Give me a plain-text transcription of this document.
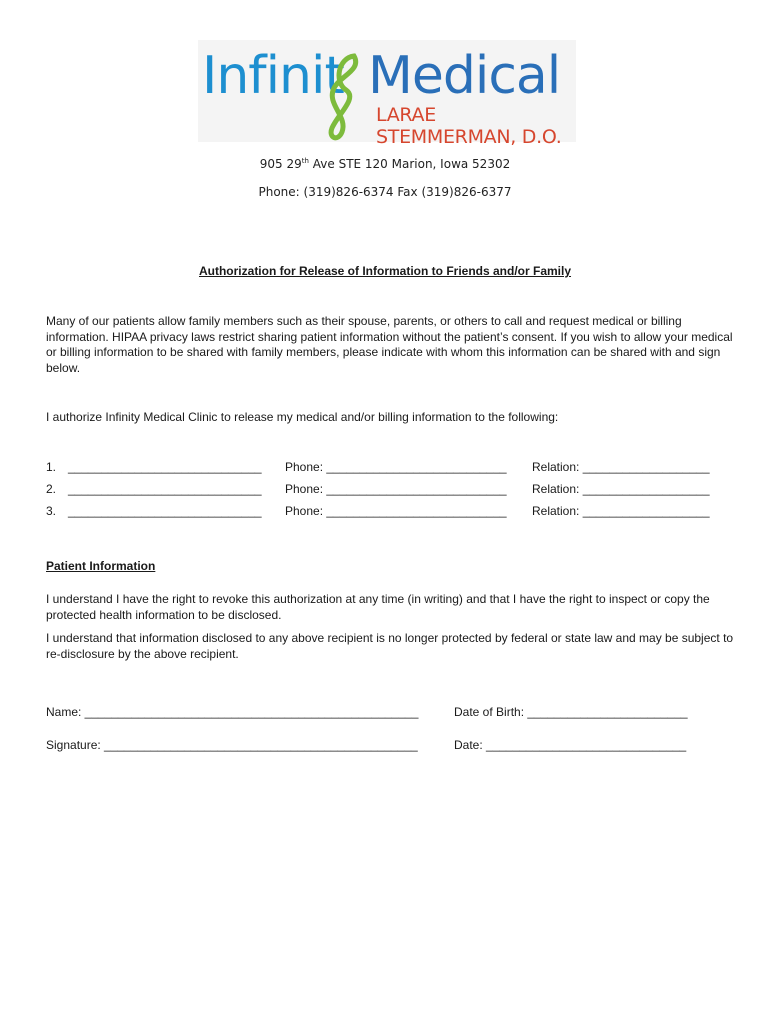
Infinit Medical
LARAE STEMMERMAN, D.O.
905 29th Ave STE 120 Marion, Iowa 52302
Phone: (319)826-6374 Fax (319)826-6377
Authorization for Release of Information to Friends and/or Family
Many of our patients allow family members such as their spouse, parents, or others to call and request medical or billing information. HIPAA privacy laws restrict sharing patient information without the patient’s consent. If you wish to allow your medical or billing information to be shared with family members, please indicate with whom this information can be shared with and sign below.
I authorize Infinity Medical Clinic to release my medical and/or billing information to the following:
1. _____________________________ Phone: ___________________________ Relation: ___________________
2. _____________________________ Phone: ___________________________ Relation: ___________________
3. _____________________________ Phone: ___________________________ Relation: ___________________
Patient Information
I understand I have the right to revoke this authorization at any time (in writing) and that I have the right to inspect or copy the protected health information to be disclosed.
I understand that information disclosed to any above recipient is no longer protected by federal or state law and may be subject to re-disclosure by the above recipient.
Name: __________________________________________________	Date of Birth: ________________________
Signature: _______________________________________________	Date: ______________________________
